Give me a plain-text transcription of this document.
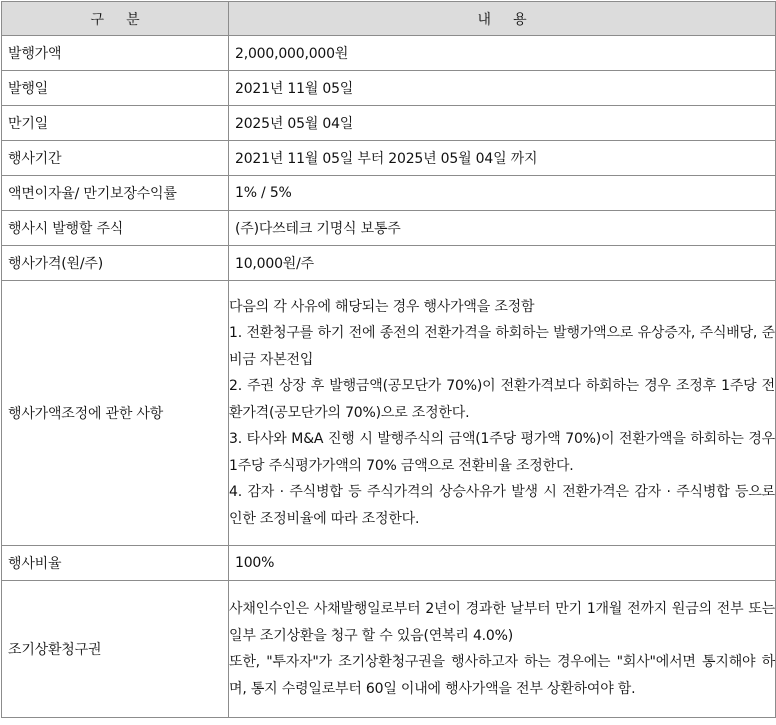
구 분	내 용
발행가액	2,000,000,000원
발행일	2021년 11월 05일
만기일	2025년 05월 04일
행사기간	2021년 11월 05일 부터 2025년 05월 04일 까지
액면이자율/ 만기보장수익률	1% / 5%
행사시 발행할 주식	(주)다쓰테크 기명식 보통주
행사가격(원/주)	10,000원/주
행사가액조정에 관한 사항	다음의 각 사유에 해당되는 경우 행사가액을 조정함
1. 전환청구를 하기 전에 종전의 전환가격을 하회하는 발행가액으로 유상증자, 주식배당, 준비금 자본전입
2. 주권 상장 후 발행금액(공모단가 70%)이 전환가격보다 하회하는 경우 조정후 1주당 전환가격(공모단가의 70%)으로 조정한다.
3. 타사와 M&A 진행 시 발행주식의 금액(1주당 평가액 70%)이 전환가액을 하회하는 경우 1주당 주식평가가액의 70% 금액으로 전환비율 조정한다.
4. 감자 · 주식병합 등 주식가격의 상승사유가 발생 시 전환가격은 감자 · 주식병합 등으로 인한 조정비율에 따라 조정한다.

행사비율	100%
조기상환청구권	사채인수인은 사채발행일로부터 2년이 경과한 날부터 만기 1개월 전까지 원금의 전부 또는 일부 조기상환을 청구 할 수 있음(연복리 4.0%)
또한, "투자자"가 조기상환청구권을 행사하고자 하는 경우에는 "회사"에서면 통지해야 하며, 통지 수령일로부터 60일 이내에 행사가액을 전부 상환하여야 함.
